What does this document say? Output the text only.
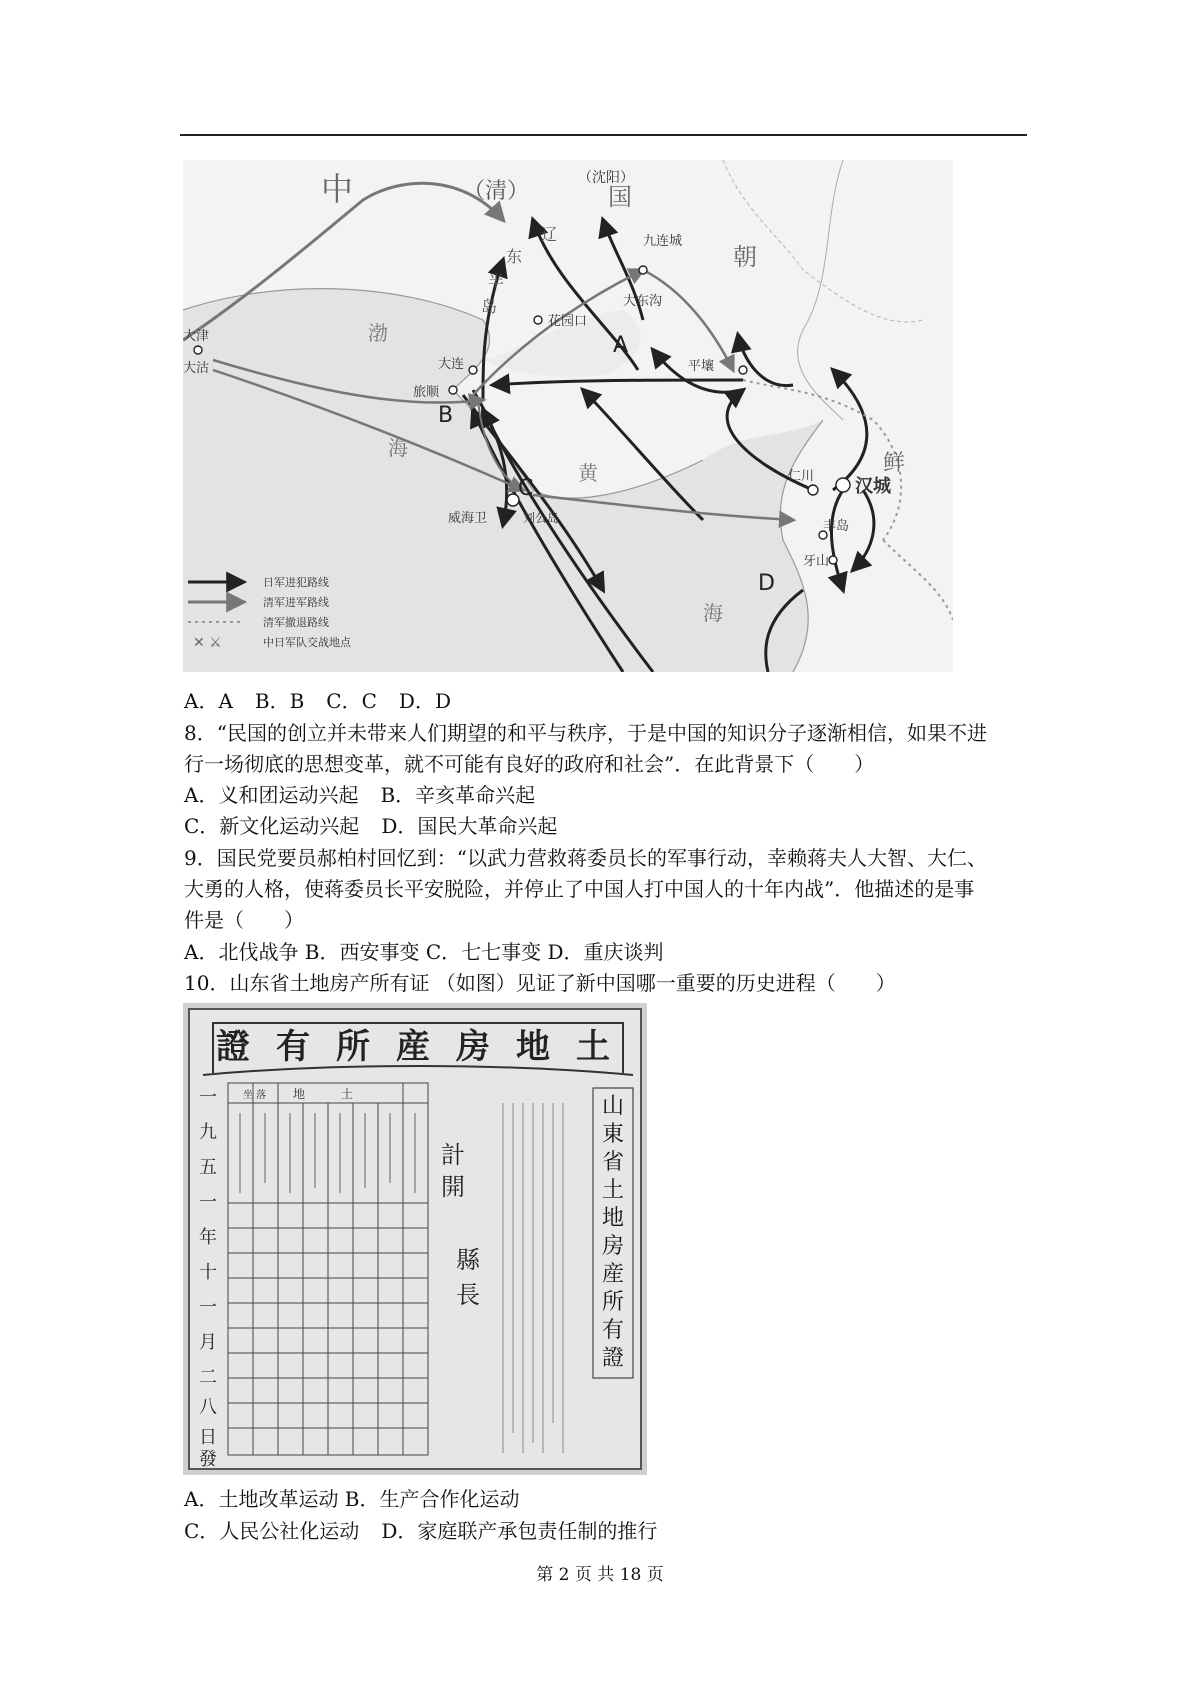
中	（清）
（沈阳）
国
九连城
朝
鲜
大津
大沽
渤
海
花园口
大东沟
大连
旅顺
平壤
威海卫	刘公岛
黄
海
仁川 汉城
丰岛
牙山
辽
东
半
岛
A
B
C
D
✕ ⚔
日军进犯路线
清军进军路线
清军撤退路线
中日军队交战地点
A．A B．B C．C D．D
8．“民国的创立并未带来人们期望的和平与秩序，于是中国的知识分子逐渐相信，如果不进
行一场彻底的思想变革，就不可能有良好的政府和社会”．在此背景下（　　）
A．义和团运动兴起 B．辛亥革命兴起
C．新文化运动兴起 D．国民大革命兴起
9．国民党要员郝柏村回忆到：“以武力营救蒋委员长的军事行动，幸赖蒋夫人大智、大仁、
大勇的人格，使蒋委员长平安脱险，并停止了中国人打中国人的十年内战”．他描述的是事
件是（　　）
A．北伐战争 B．西安事变 C．七七事变 D．重庆谈判
10．山东省土地房产所有证 （如图）见证了新中国哪一重要的历史进程（　　）
土
地
房
産
所
有
證
一
九
五
一
年
十
一
月
二
八
日
發
坐 落 地　　　土
計
開
縣
長
山
東
省
土
地
房
産
所
有
證
A．土地改革运动 B．生产合作化运动
C．人民公社化运动 D．家庭联产承包责任制的推行
第 2 页 共 18 页
